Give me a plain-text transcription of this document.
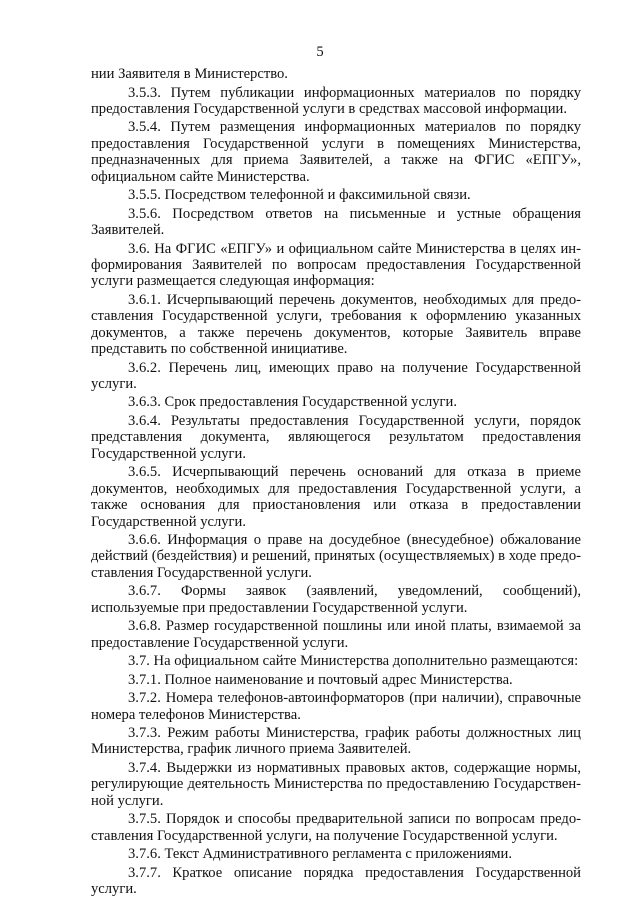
5

нии Заявителя в Министерство.

3.5.3. Путем публикации информационных материалов по порядку предоставления Государственной услуги в средствах массовой информации.

3.5.4. Путем размещения информационных материалов по порядку предоставления Государственной услуги в помещениях Министерства, предназначенных для приема Заявителей, а также на ФГИС «ЕПГУ», официальном сайте Министерства.

3.5.5. Посредством телефонной и факсимильной связи.

3.5.6. Посредством ответов на письменные и устные обращения Заявителей.

3.6. На ФГИС «ЕПГУ» и официальном сайте Министерства в целях информирования Заявителей по вопросам предоставления Государственной услуги размещается следующая информация:

3.6.1. Исчерпывающий перечень документов, необходимых для предоставления Государственной услуги, требования к оформлению указанных документов, а также перечень документов, которые Заявитель вправе представить по собственной инициативе.

3.6.2. Перечень лиц, имеющих право на получение Государственной услуги.

3.6.3. Срок предоставления Государственной услуги.

3.6.4. Результаты предоставления Государственной услуги, порядок представления документа, являющегося результатом предоставления Государственной услуги.

3.6.5. Исчерпывающий перечень оснований для отказа в приеме документов, необходимых для предоставления Государственной услуги, а также основания для приостановления или отказа в предоставлении Государственной услуги.

3.6.6. Информация о праве на досудебное (внесудебное) обжалование действий (бездействия) и решений, принятых (осуществляемых) в ходе предоставления Государственной услуги.

3.6.7. Формы заявок (заявлений, уведомлений, сообщений), используемые при предоставлении Государственной услуги.

3.6.8. Размер государственной пошлины или иной платы, взимаемой за предоставление Государственной услуги.

3.7. На официальном сайте Министерства дополнительно размещаются:

3.7.1. Полное наименование и почтовый адрес Министерства.

3.7.2. Номера телефонов-автоинформаторов (при наличии), справочные номера телефонов Министерства.

3.7.3. Режим работы Министерства, график работы должностных лиц Министерства, график личного приема Заявителей.

3.7.4. Выдержки из нормативных правовых актов, содержащие нормы, регулирующие деятельность Министерства по предоставлению Государственной услуги.

3.7.5. Порядок и способы предварительной записи по вопросам предоставления Государственной услуги, на получение Государственной услуги.

3.7.6. Текст Административного регламента с приложениями.

3.7.7. Краткое описание порядка предоставления Государственной услуги.
